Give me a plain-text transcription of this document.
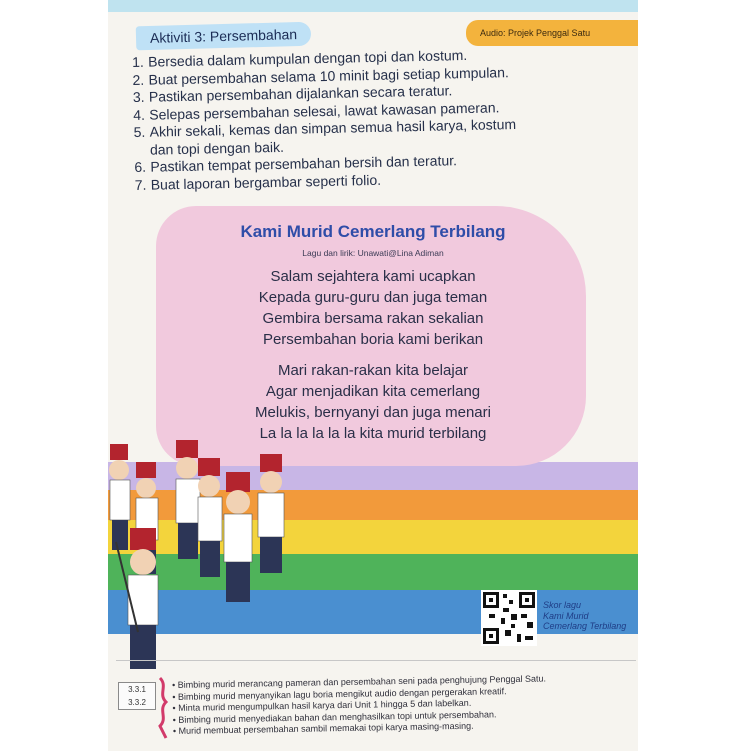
Aktiviti 3: Persembahan	Audio: Projek Penggal Satu
1. Bersedia dalam kumpulan dengan topi dan kostum.
2. Buat persembahan selama 10 minit bagi setiap kumpulan.
3. Pastikan persembahan dijalankan secara teratur.
4. Selepas persembahan selesai, lawat kawasan pameran.
5. Akhir sekali, kemas dan simpan semua hasil karya, kostum
dan topi dengan baik.
6. Pastikan tempat persembahan bersih dan teratur.
7. Buat laporan bergambar seperti folio.
Kami Murid Cemerlang Terbilang
Lagu dan lirik: Unawati@Lina Adiman
Salam sejahtera kami ucapkan
Kepada guru-guru dan juga teman
Gembira bersama rakan sekalian
Persembahan boria kami berikan
Mari rakan-rakan kita belajar
Agar menjadikan kita cemerlang
Melukis, bernyanyi dan juga menari
La la la la la la kita murid terbilang
Skor lagu
Kami Murid
Cemerlang Terbilang
3.3.1
3.3.2
• Bimbing murid merancang pameran dan persembahan seni pada penghujung Penggal Satu.
• Bimbing murid menyanyikan lagu boria mengikut audio dengan pergerakan kreatif.
• Minta murid mengumpulkan hasil karya dari Unit 1 hingga 5 dan labelkan.
• Bimbing murid menyediakan bahan dan menghasilkan topi untuk persembahan.
• Murid membuat persembahan sambil memakai topi karya masing-masing.
